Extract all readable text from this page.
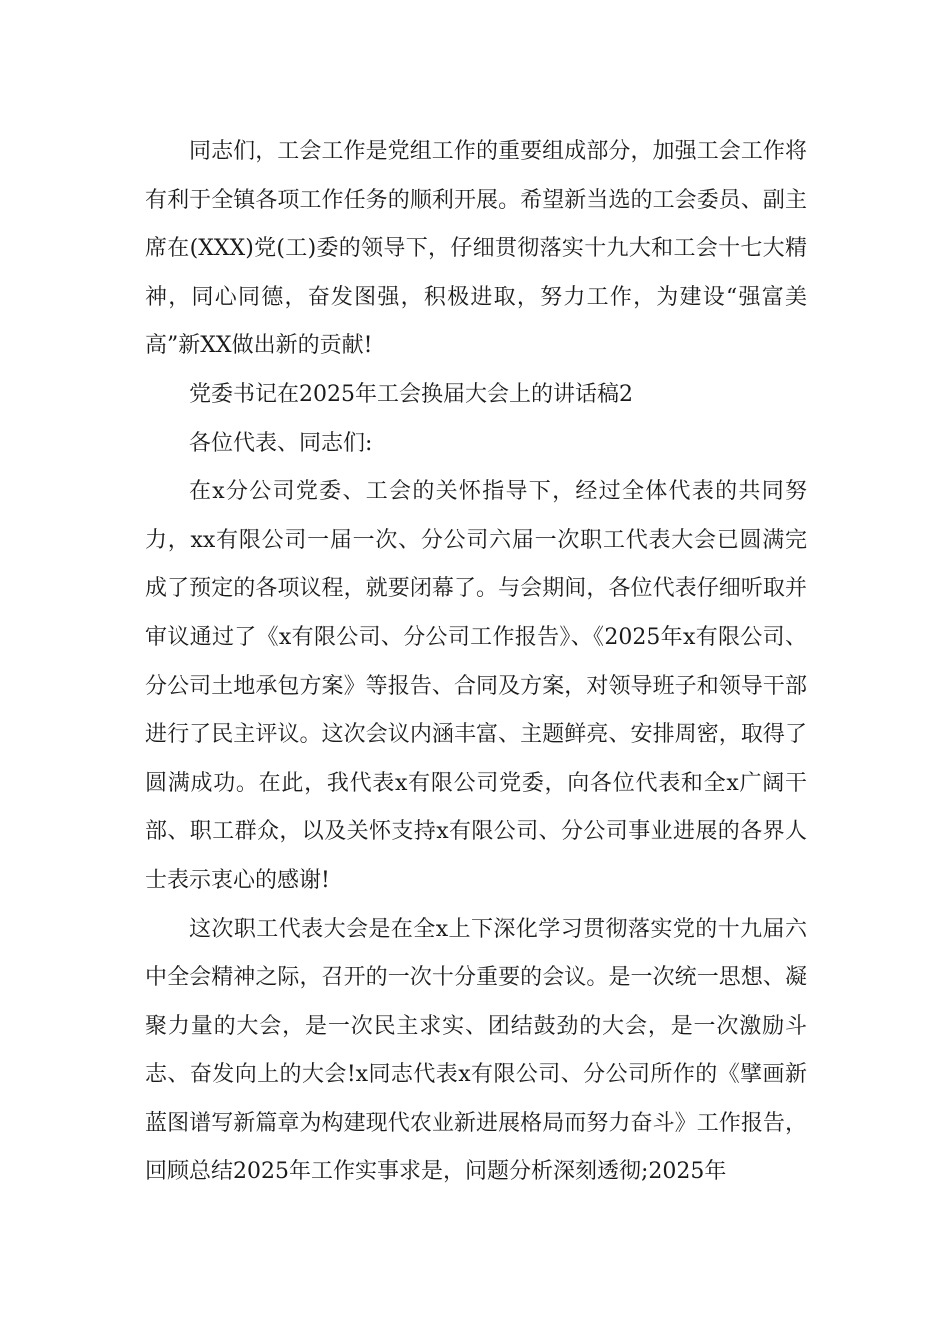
同志们，工会工作是党组工作的重要组成部分，加强工会工作将有利于全镇各项工作任务的顺利开展。希望新当选的工会委员、副主席在(XXX)党(工)委的领导下，仔细贯彻落实十九大和工会十七大精神，同心同德，奋发图强，积极进取，努力工作，为建设“强富美高”新XX做出新的贡献!

党委书记在2025年工会换届大会上的讲话稿2

各位代表、同志们:

在x分公司党委、工会的关怀指导下，经过全体代表的共同努力，xx有限公司一届一次、分公司六届一次职工代表大会已圆满完成了预定的各项议程，就要闭幕了。与会期间，各位代表仔细听取并审议通过了《x有限公司、分公司工作报告》、《2025年x有限公司、分公司土地承包方案》等报告、合同及方案，对领导班子和领导干部进行了民主评议。这次会议内涵丰富、主题鲜亮、安排周密，取得了圆满成功。在此，我代表x有限公司党委，向各位代表和全x广阔干部、职工群众，以及关怀支持x有限公司、分公司事业进展的各界人士表示衷心的感谢!

这次职工代表大会是在全x上下深化学习贯彻落实党的十九届六中全会精神之际，召开的一次十分重要的会议。是一次统一思想、凝聚力量的大会，是一次民主求实、团结鼓劲的大会，是一次激励斗志、奋发向上的大会!x同志代表x有限公司、分公司所作的《擘画新蓝图谱写新篇章为构建现代农业新进展格局而努力奋斗》工作报告，回顾总结2025年工作实事求是，问题分析深刻透彻;2025年
